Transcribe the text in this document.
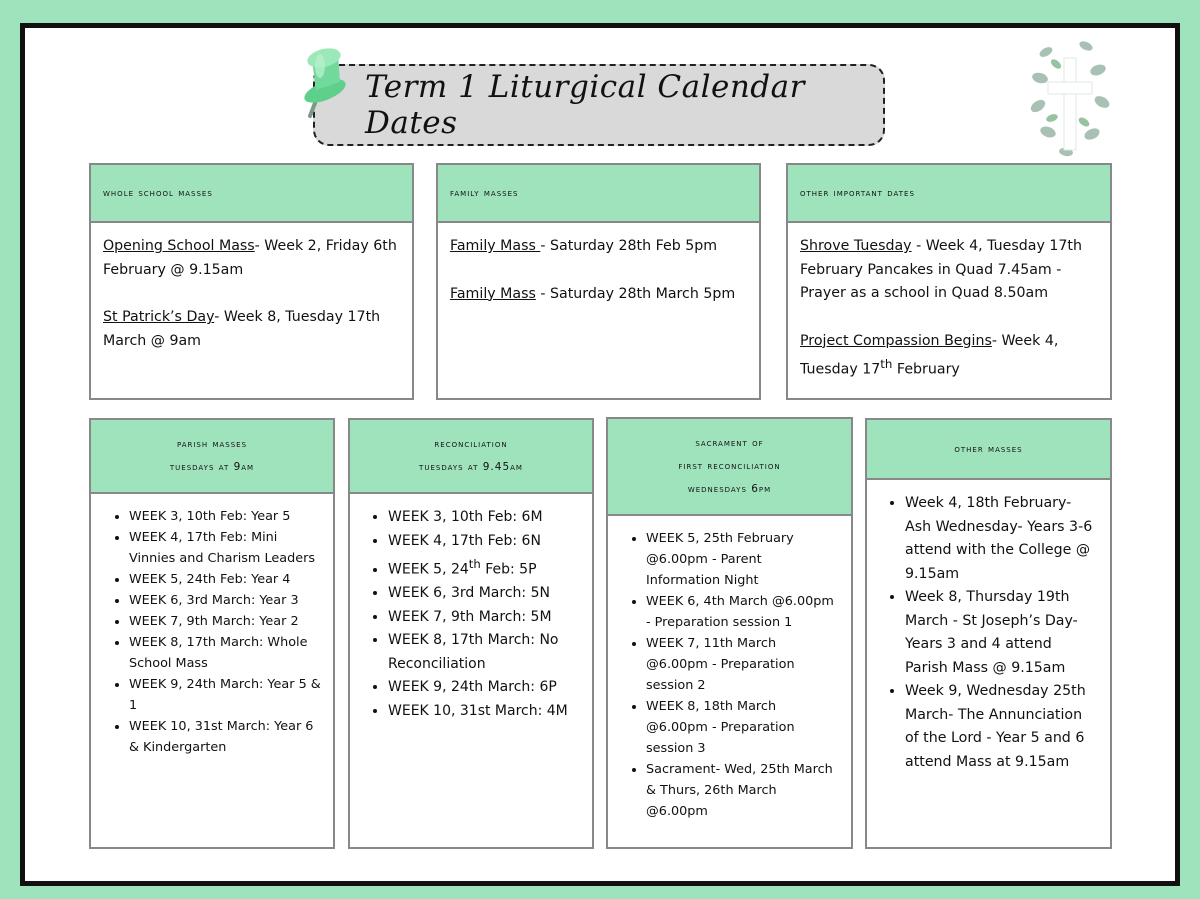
Term 1 Liturgical Calendar Dates
whole school masses
Opening School Mass- Week 2, Friday 6th February @ 9.15am
St Patrick’s Day- Week 8, Tuesday 17th March @ 9am
family masses
Family Mass - Saturday 28th Feb 5pm
Family Mass - Saturday 28th March 5pm
other important dates
Shrove Tuesday - Week 4, Tuesday 17th February Pancakes in Quad 7.45am - Prayer as a school in Quad 8.50am
Project Compassion Begins- Week 4, Tuesday 17th February
parish masses
tuesdays at 9am
• WEEK 3, 10th Feb: Year 5
• WEEK 4, 17th Feb: Mini Vinnies and Charism Leaders
• WEEK 5, 24th Feb: Year 4
• WEEK 6, 3rd March: Year 3
• WEEK 7, 9th March: Year 2
• WEEK 8, 17th March: Whole School Mass
• WEEK 9, 24th March: Year 5 & 1
• WEEK 10, 31st March: Year 6 & Kindergarten
reconciliation
tuesdays at 9.45am
• WEEK 3, 10th Feb: 6M
• WEEK 4, 17th Feb: 6N
• WEEK 5, 24th Feb: 5P
• WEEK 6, 3rd March: 5N
• WEEK 7, 9th March: 5M
• WEEK 8, 17th March: No Reconciliation
• WEEK 9, 24th March: 6P
• WEEK 10, 31st March: 4M
sacrament of
first reconciliation
wednesdays 6pm
• WEEK 5, 25th February @6.00pm - Parent Information Night
• WEEK 6, 4th March @6.00pm - Preparation session 1
• WEEK 7, 11th March @6.00pm - Preparation session 2
• WEEK 8, 18th March @6.00pm - Preparation session 3
• Sacrament- Wed, 25th March & Thurs, 26th March @6.00pm
other masses
• Week 4, 18th February- Ash Wednesday- Years 3-6 attend with the College @ 9.15am
• Week 8, Thursday 19th March - St Joseph’s Day- Years 3 and 4 attend Parish Mass @ 9.15am
• Week 9, Wednesday 25th March- The Annunciation of the Lord - Year 5 and 6 attend Mass at 9.15am
